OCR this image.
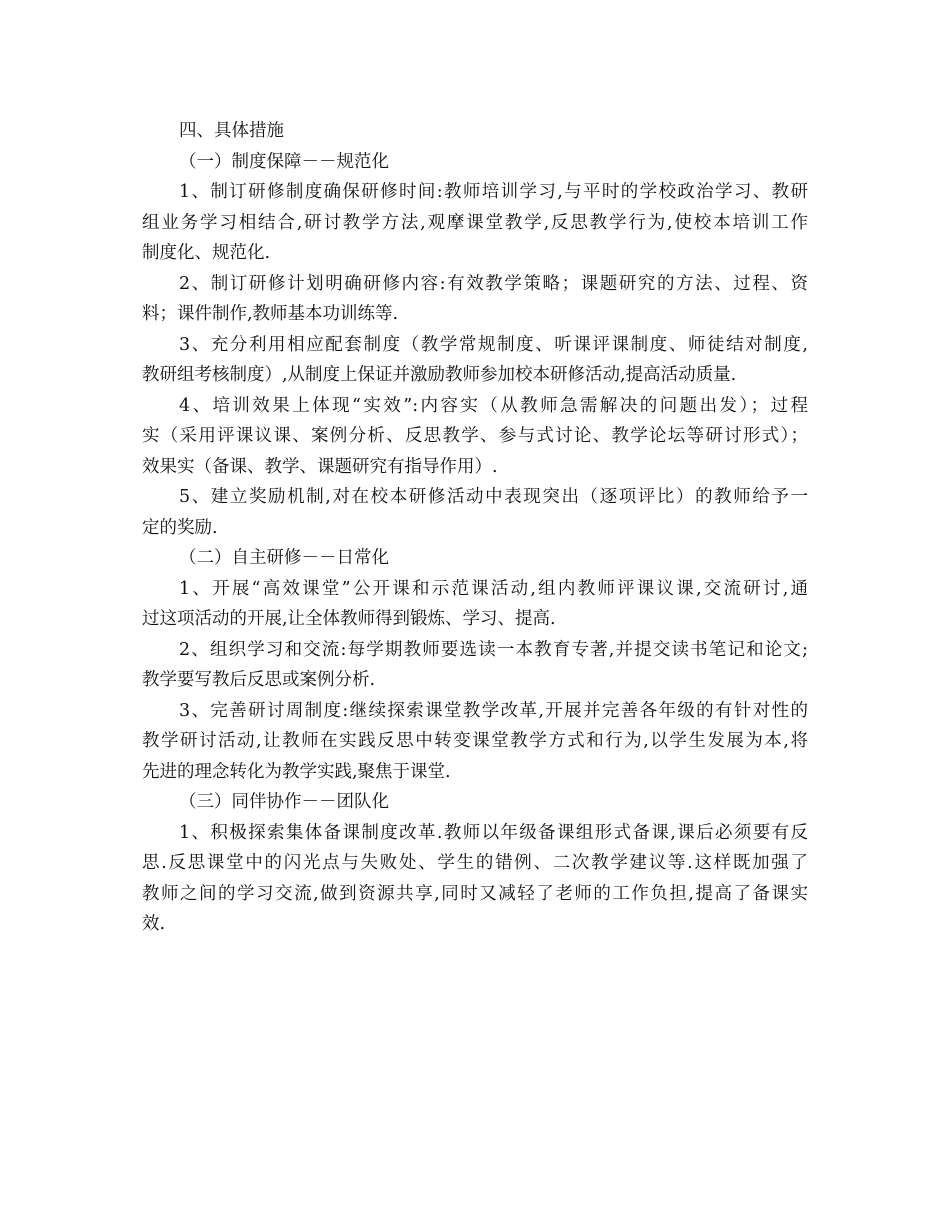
四、具体措施
（一）制度保障－－规范化
1、制订研修制度确保研修时间:教师培训学习,与平时的学校政治学习、教研
组业务学习相结合,研讨教学方法,观摩课堂教学,反思教学行为,使校本培训工作
制度化、规范化.
2、制订研修计划明确研修内容:有效教学策略；课题研究的方法、过程、资
料；课件制作,教师基本功训练等.
3、充分利用相应配套制度（教学常规制度、听课评课制度、师徒结对制度,
教研组考核制度）,从制度上保证并激励教师参加校本研修活动,提高活动质量.
4、培训效果上体现“实效”:内容实（从教师急需解决的问题出发）；过程
实（采用评课议课、案例分析、反思教学、参与式讨论、教学论坛等研讨形式）；
效果实（备课、教学、课题研究有指导作用）.
5、建立奖励机制,对在校本研修活动中表现突出（逐项评比）的教师给予一
定的奖励.
（二）自主研修－－日常化
1、开展“高效课堂”公开课和示范课活动,组内教师评课议课,交流研讨,通
过这项活动的开展,让全体教师得到锻炼、学习、提高.
2、组织学习和交流:每学期教师要选读一本教育专著,并提交读书笔记和论文;
教学要写教后反思或案例分析.
3、完善研讨周制度:继续探索课堂教学改革,开展并完善各年级的有针对性的
教学研讨活动,让教师在实践反思中转变课堂教学方式和行为,以学生发展为本,将
先进的理念转化为教学实践,聚焦于课堂.
（三）同伴协作－－团队化
1、积极探索集体备课制度改革.教师以年级备课组形式备课,课后必须要有反
思.反思课堂中的闪光点与失败处、学生的错例、二次教学建议等.这样既加强了
教师之间的学习交流,做到资源共享,同时又减轻了老师的工作负担,提高了备课实
效.
